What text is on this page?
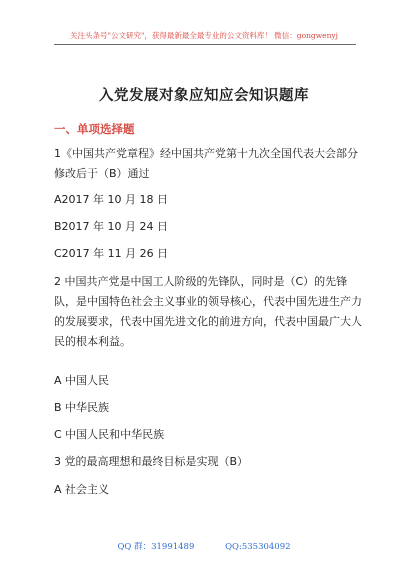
关注头条号"公文研究"，获得最新最全最专业的公文资料库！ 微信：gongwenyj
入党发展对象应知应会知识题库
一、单项选择题
1《中国共产党章程》经中国共产党第十九次全国代表大会部分修改后于（B）通过
A2017 年 10 月 18 日
B2017 年 10 月 24 日
C2017 年 11 月 26 日
2 中国共产党是中国工人阶级的先锋队，同时是（C）的先锋队，是中国特色社会主义事业的领导核心，代表中国先进生产力的发展要求，代表中国先进文化的前进方向，代表中国最广大人民的根本利益。
A 中国人民
B 中华民族
C 中国人民和中华民族
3 党的最高理想和最终目标是实现（B）
A 社会主义
QQ 群：31991489	QQ:535304092
